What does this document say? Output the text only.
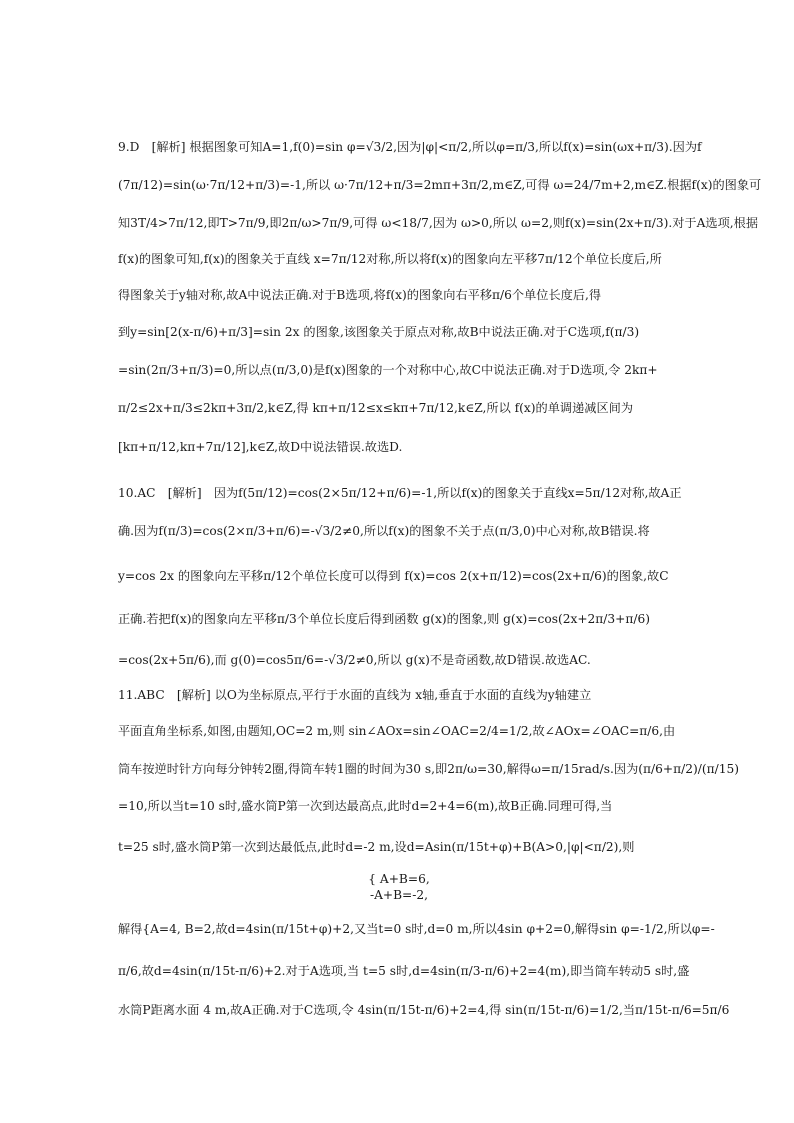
9.D　[解析] 根据图象可知A=1,f(0)=sin φ=√3/2,因为|φ|<π/2,所以φ=π/3,所以f(x)=sin(ωx+π/3).因为f
(7π/12)=sin(ω·7π/12+π/3)=-1,所以 ω·7π/12+π/3=2mπ+3π/2,m∈Z,可得 ω=24/7m+2,m∈Z.根据f(x)的图象可
知3T/4>7π/12,即T>7π/9,即2π/ω>7π/9,可得 ω<18/7,因为 ω>0,所以 ω=2,则f(x)=sin(2x+π/3).对于A选项,根据
f(x)的图象可知,f(x)的图象关于直线 x=7π/12对称,所以将f(x)的图象向左平移7π/12个单位长度后,所
得图象关于y轴对称,故A中说法正确.对于B选项,将f(x)的图象向右平移π/6个单位长度后,得
到y=sin[2(x-π/6)+π/3]=sin 2x 的图象,该图象关于原点对称,故B中说法正确.对于C选项,f(π/3)
=sin(2π/3+π/3)=0,所以点(π/3,0)是f(x)图象的一个对称中心,故C中说法正确.对于D选项,令 2kπ+
π/2≤2x+π/3≤2kπ+3π/2,k∈Z,得 kπ+π/12≤x≤kπ+7π/12,k∈Z,所以 f(x)的单调递减区间为
[kπ+π/12,kπ+7π/12],k∈Z,故D中说法错误.故选D.
10.AC　[解析]　因为f(5π/12)=cos(2×5π/12+π/6)=-1,所以f(x)的图象关于直线x=5π/12对称,故A正
确.因为f(π/3)=cos(2×π/3+π/6)=-√3/2≠0,所以f(x)的图象不关于点(π/3,0)中心对称,故B错误.将
y=cos 2x 的图象向左平移π/12个单位长度可以得到 f(x)=cos 2(x+π/12)=cos(2x+π/6)的图象,故C
正确.若把f(x)的图象向左平移π/3个单位长度后得到函数 g(x)的图象,则 g(x)=cos(2x+2π/3+π/6)
=cos(2x+5π/6),而 g(0)=cos5π/6=-√3/2≠0,所以 g(x)不是奇函数,故D错误.故选AC.
11.ABC　[解析] 以O为坐标原点,平行于水面的直线为 x轴,垂直于水面的直线为y轴建立
平面直角坐标系,如图,由题知,OC=2 m,则 sin∠AOx=sin∠OAC=2/4=1/2,故∠AOx=∠OAC=π/6,由
筒车按逆时针方向每分钟转2圈,得筒车转1圈的时间为30 s,即2π/ω=30,解得ω=π/15rad/s.因为(π/6+π/2)/(π/15)
=10,所以当t=10 s时,盛水筒P第一次到达最高点,此时d=2+4=6(m),故B正确.同理可得,当
t=25 s时,盛水筒P第一次到达最低点,此时d=-2 m,设d=Asin(π/15t+φ)+B(A>0,|φ|<π/2),则
{ A+B=6,
-A+B=-2,
解得{A=4, B=2,故d=4sin(π/15t+φ)+2,又当t=0 s时,d=0 m,所以4sin φ+2=0,解得sin φ=-1/2,所以φ=-
π/6,故d=4sin(π/15t-π/6)+2.对于A选项,当 t=5 s时,d=4sin(π/3-π/6)+2=4(m),即当筒车转动5 s时,盛
水筒P距离水面 4 m,故A正确.对于C选项,令 4sin(π/15t-π/6)+2=4,得 sin(π/15t-π/6)=1/2,当π/15t-π/6=5π/6
